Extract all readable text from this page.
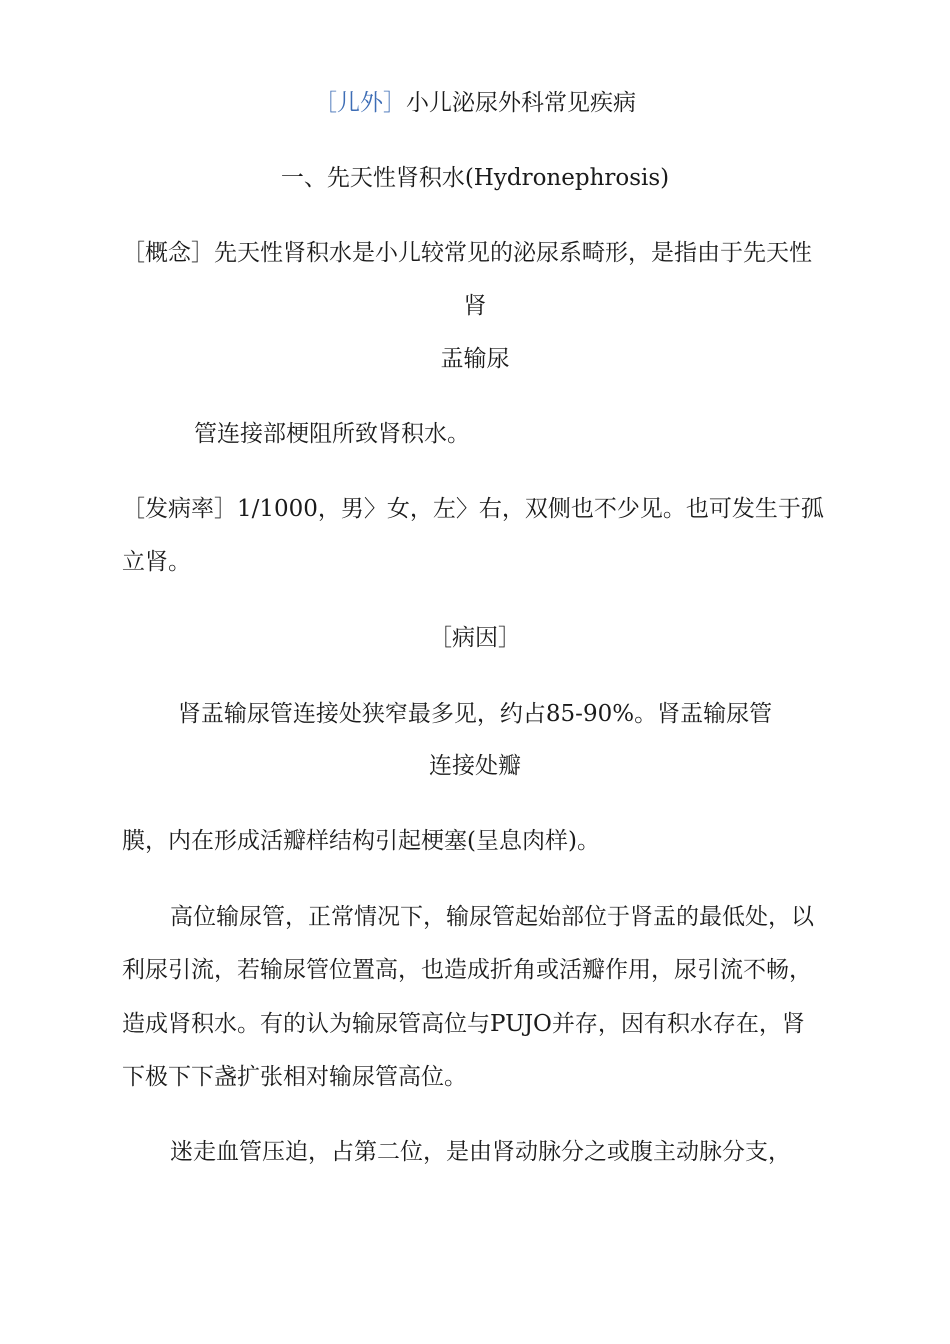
［儿外］小儿泌尿外科常见疾病
一、先天性肾积水(Hydronephrosis)
［概念］先天性肾积水是小儿较常见的泌尿系畸形，是指由于先天性
肾
盂输尿
管连接部梗阻所致肾积水。
［发病率］1/1000，男〉女，左〉右，双侧也不少见。也可发生于孤
立肾。
［病因］
肾盂输尿管连接处狭窄最多见，约占85-90%。肾盂输尿管
连接处瓣
膜，内在形成活瓣样结构引起梗塞(呈息肉样)。
高位输尿管，正常情况下，输尿管起始部位于肾盂的最低处，以
利尿引流，若输尿管位置高，也造成折角或活瓣作用，尿引流不畅，
造成肾积水。有的认为输尿管高位与PUJO并存，因有积水存在，肾
下极下下盏扩张相对输尿管高位。
迷走血管压迫，占第二位，是由肾动脉分之或腹主动脉分支，
